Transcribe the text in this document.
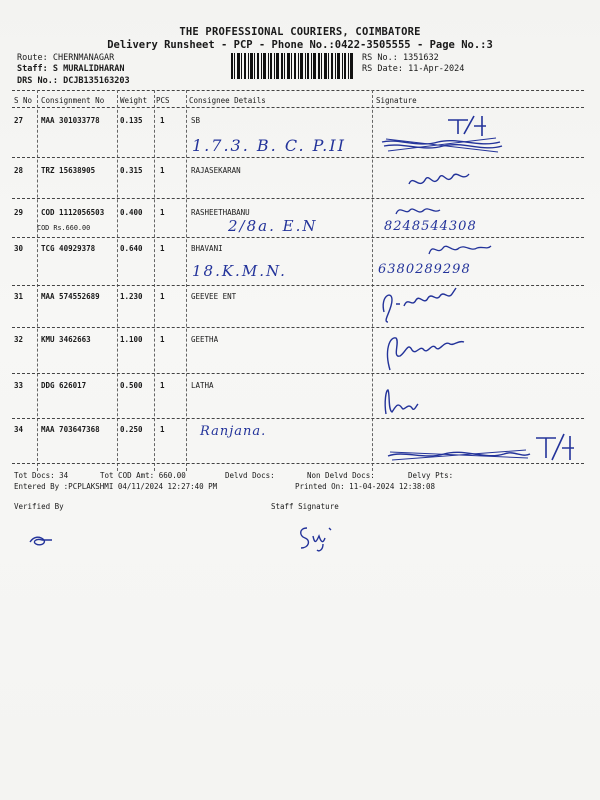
THE PROFESSIONAL COURIERS, COIMBATORE
Delivery Runsheet - PCP - Phone No.:0422-3505555 - Page No.:3
Route: CHERNMANAGAR
Staff: S MURALIDHARAN
DRS No.: DCJB135163203
RS No.: 1351632
RS Date: 11-Apr-2024
S No Consignment No Weight PCS	Consignee Details	Signature
27 MAA 301033778	0.135 1	SB
1.7.3. B. C. P.II
28 TRZ 15638905	0.315 1	RAJASEKARAN
29 COD 1112056503 0.400 1	RASHEETHABANU
COD Rs.660.00	2/8a. E.N	8248544308
30 TCG 40929378	0.640 1	BHAVANI
18.K.M.N.	6380289298
31 MAA 574552689	1.230 1	GEEVEE ENT
32 KMU 3462663	1.100 1	GEETHA
33 DDG 626017	0.500 1	LATHA
34 MAA 703647368	0.250 1	Ranjana.
Tot Docs: 34	Tot COD Amt: 660.00	Delvd Docs:	Non Delvd Docs:	Delvy Pts:
Entered By :PCPLAKSHMI 04/11/2024 12:27:40 PM	Printed On: 11-04-2024 12:38:08
Verified By	Staff Signature
